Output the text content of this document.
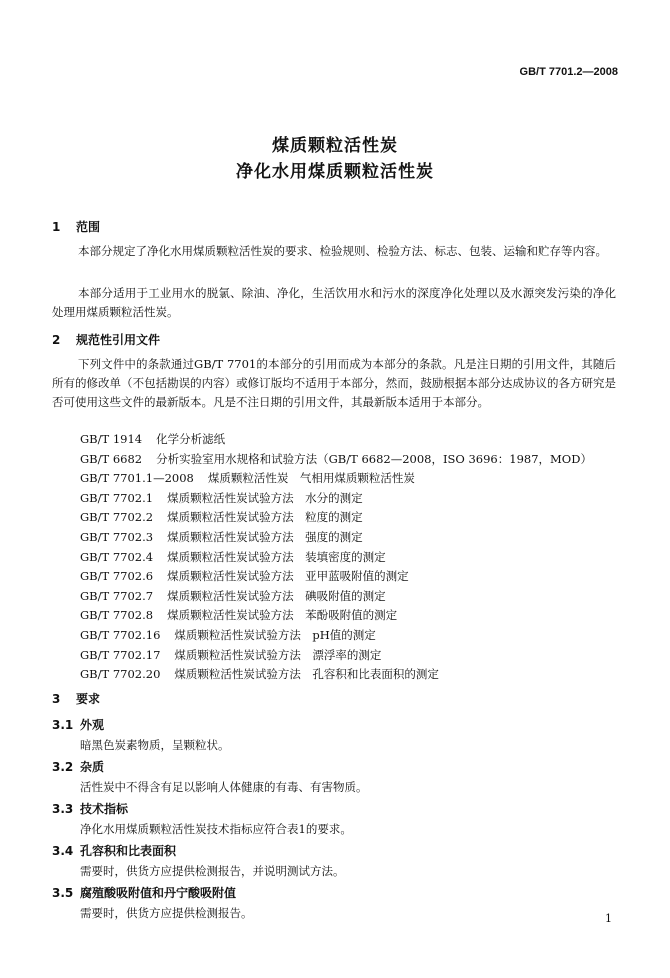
GB/T 7701.2—2008
煤质颗粒活性炭
净化水用煤质颗粒活性炭
1 范围
本部分规定了净化水用煤质颗粒活性炭的要求、检验规则、检验方法、标志、包装、运输和贮存等内容。
本部分适用于工业用水的脱氯、除油、净化，生活饮用水和污水的深度净化处理以及水源突发污染的净化处理用煤质颗粒活性炭。
2 规范性引用文件
下列文件中的条款通过GB/T 7701的本部分的引用而成为本部分的条款。凡是注日期的引用文件，其随后所有的修改单（不包括勘误的内容）或修订版均不适用于本部分，然而，鼓励根据本部分达成协议的各方研究是否可使用这些文件的最新版本。凡是不注日期的引用文件，其最新版本适用于本部分。
GB/T 1914 化学分析滤纸
GB/T 6682 分析实验室用水规格和试验方法（GB/T 6682—2008，ISO 3696：1987，MOD）
GB/T 7701.1—2008 煤质颗粒活性炭　气相用煤质颗粒活性炭
GB/T 7702.1 煤质颗粒活性炭试验方法　水分的测定
GB/T 7702.2 煤质颗粒活性炭试验方法　粒度的测定
GB/T 7702.3 煤质颗粒活性炭试验方法　强度的测定
GB/T 7702.4 煤质颗粒活性炭试验方法　装填密度的测定
GB/T 7702.6 煤质颗粒活性炭试验方法　亚甲蓝吸附值的测定
GB/T 7702.7 煤质颗粒活性炭试验方法　碘吸附值的测定
GB/T 7702.8 煤质颗粒活性炭试验方法　苯酚吸附值的测定
GB/T 7702.16 煤质颗粒活性炭试验方法　pH值的测定
GB/T 7702.17 煤质颗粒活性炭试验方法　漂浮率的测定
GB/T 7702.20 煤质颗粒活性炭试验方法　孔容积和比表面积的测定
3 要求
3.1 外观
暗黑色炭素物质，呈颗粒状。
3.2 杂质
活性炭中不得含有足以影响人体健康的有毒、有害物质。
3.3 技术指标
净化水用煤质颗粒活性炭技术指标应符合表1的要求。
3.4 孔容积和比表面积
需要时，供货方应提供检测报告，并说明测试方法。
3.5 腐殖酸吸附值和丹宁酸吸附值
需要时，供货方应提供检测报告。	1
